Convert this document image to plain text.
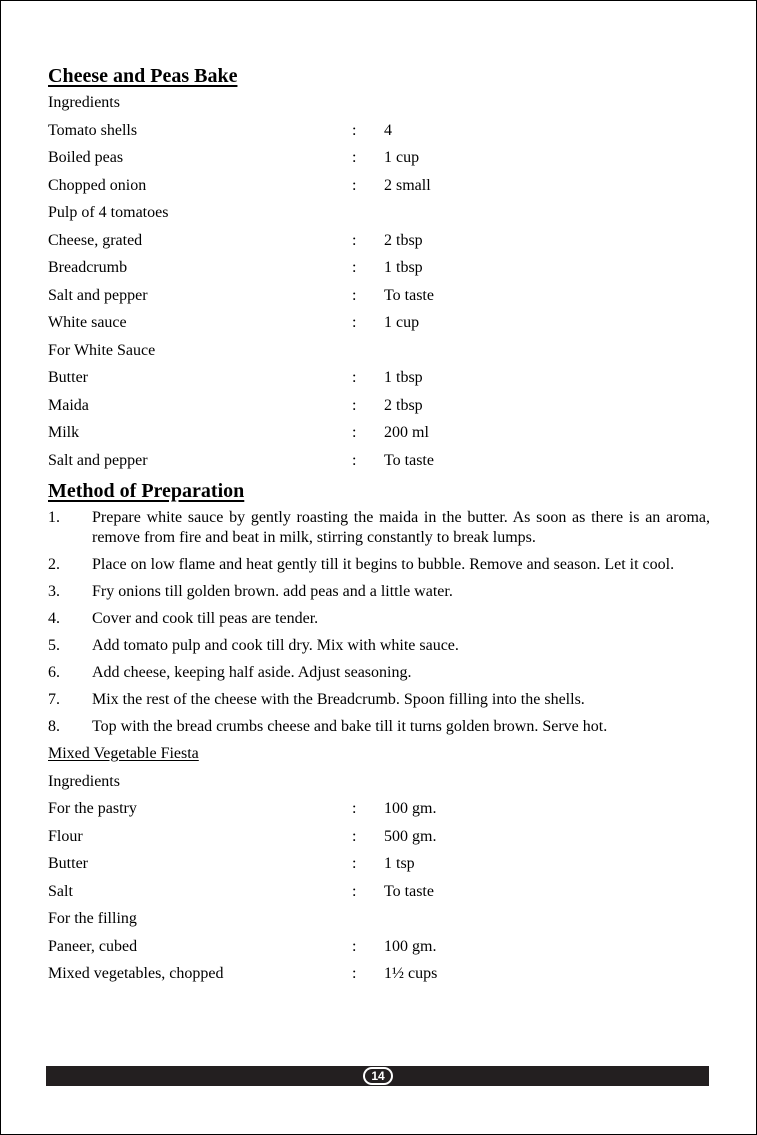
Cheese and Peas Bake
Ingredients
Tomato shells	:	4
Boiled peas	:	1 cup
Chopped onion	:	2 small
Pulp of 4 tomatoes
Cheese, grated	:	2 tbsp
Breadcrumb	:	1 tbsp
Salt and pepper	:	To taste
White sauce	:	1 cup
For White Sauce
Butter	:	1 tbsp
Maida	:	2 tbsp
Milk	:	200 ml
Salt and pepper	:	To taste
Method of Preparation
1.	Prepare white sauce by gently roasting the maida in the butter. As soon as there is an aroma, remove from fire and beat in milk, stirring constantly to break lumps.
2.	Place on low flame and heat gently till it begins to bubble. Remove and season. Let it cool.
3.	Fry onions till golden brown. add peas and a little water.
4.	Cover and cook till peas are tender.
5.	Add tomato pulp and cook till dry. Mix with white sauce.
6.	Add cheese, keeping half aside. Adjust seasoning.
7.	Mix the rest of the cheese with the Breadcrumb. Spoon filling into the shells.
8.	Top with the bread crumbs cheese and bake till it turns golden brown. Serve hot.
Mixed Vegetable Fiesta
Ingredients
For the pastry	:	100 gm.
Flour	:	500 gm.
Butter	:	1 tsp
Salt	:	To taste
For the filling
Paneer, cubed	:	100 gm.
Mixed vegetables, chopped	:	1½ cups
14
